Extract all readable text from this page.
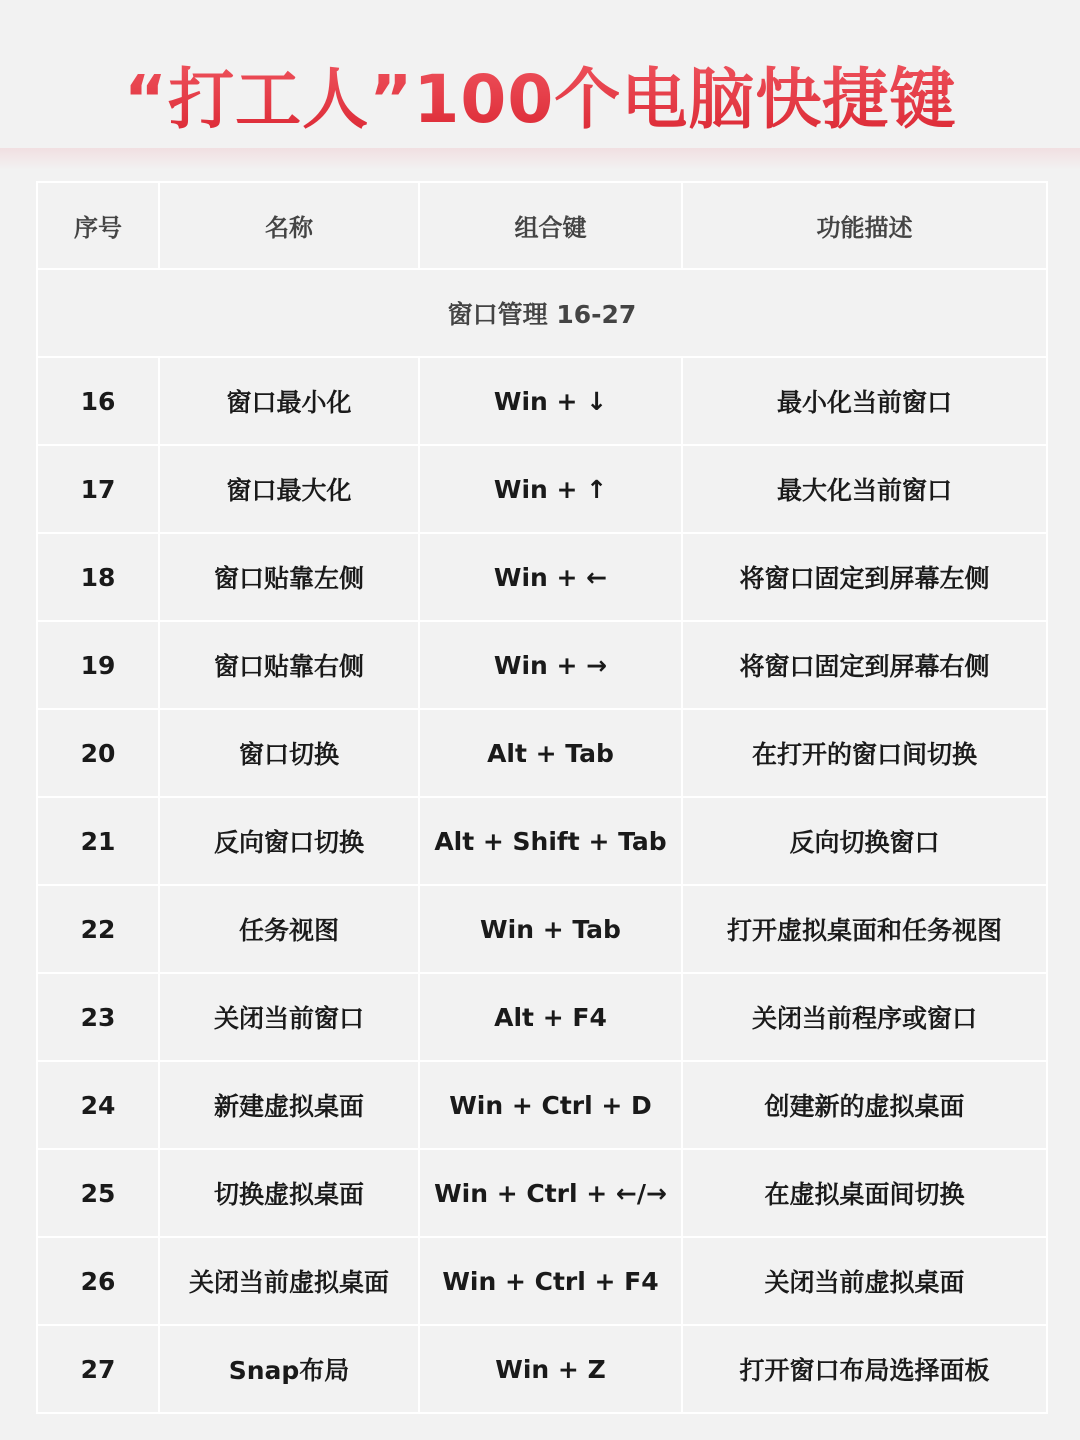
“打工人”100个电脑快捷键
序号	名称	组合键	功能描述
窗口管理 16-27			
16	窗口最小化	Win + ↓	最小化当前窗口
17	窗口最大化	Win + ↑	最大化当前窗口
18	窗口贴靠左侧	Win + ←	将窗口固定到屏幕左侧
19	窗口贴靠右侧	Win + →	将窗口固定到屏幕右侧
20	窗口切换	Alt + Tab	在打开的窗口间切换
21	反向窗口切换	Alt + Shift + Tab	反向切换窗口
22	任务视图	Win + Tab	打开虚拟桌面和任务视图
23	关闭当前窗口	Alt + F4	关闭当前程序或窗口
24	新建虚拟桌面	Win + Ctrl + D	创建新的虚拟桌面
25	切换虚拟桌面	Win + Ctrl + ←/→	在虚拟桌面间切换
26	关闭当前虚拟桌面	Win + Ctrl + F4	关闭当前虚拟桌面
27	Snap布局	Win + Z	打开窗口布局选择面板
